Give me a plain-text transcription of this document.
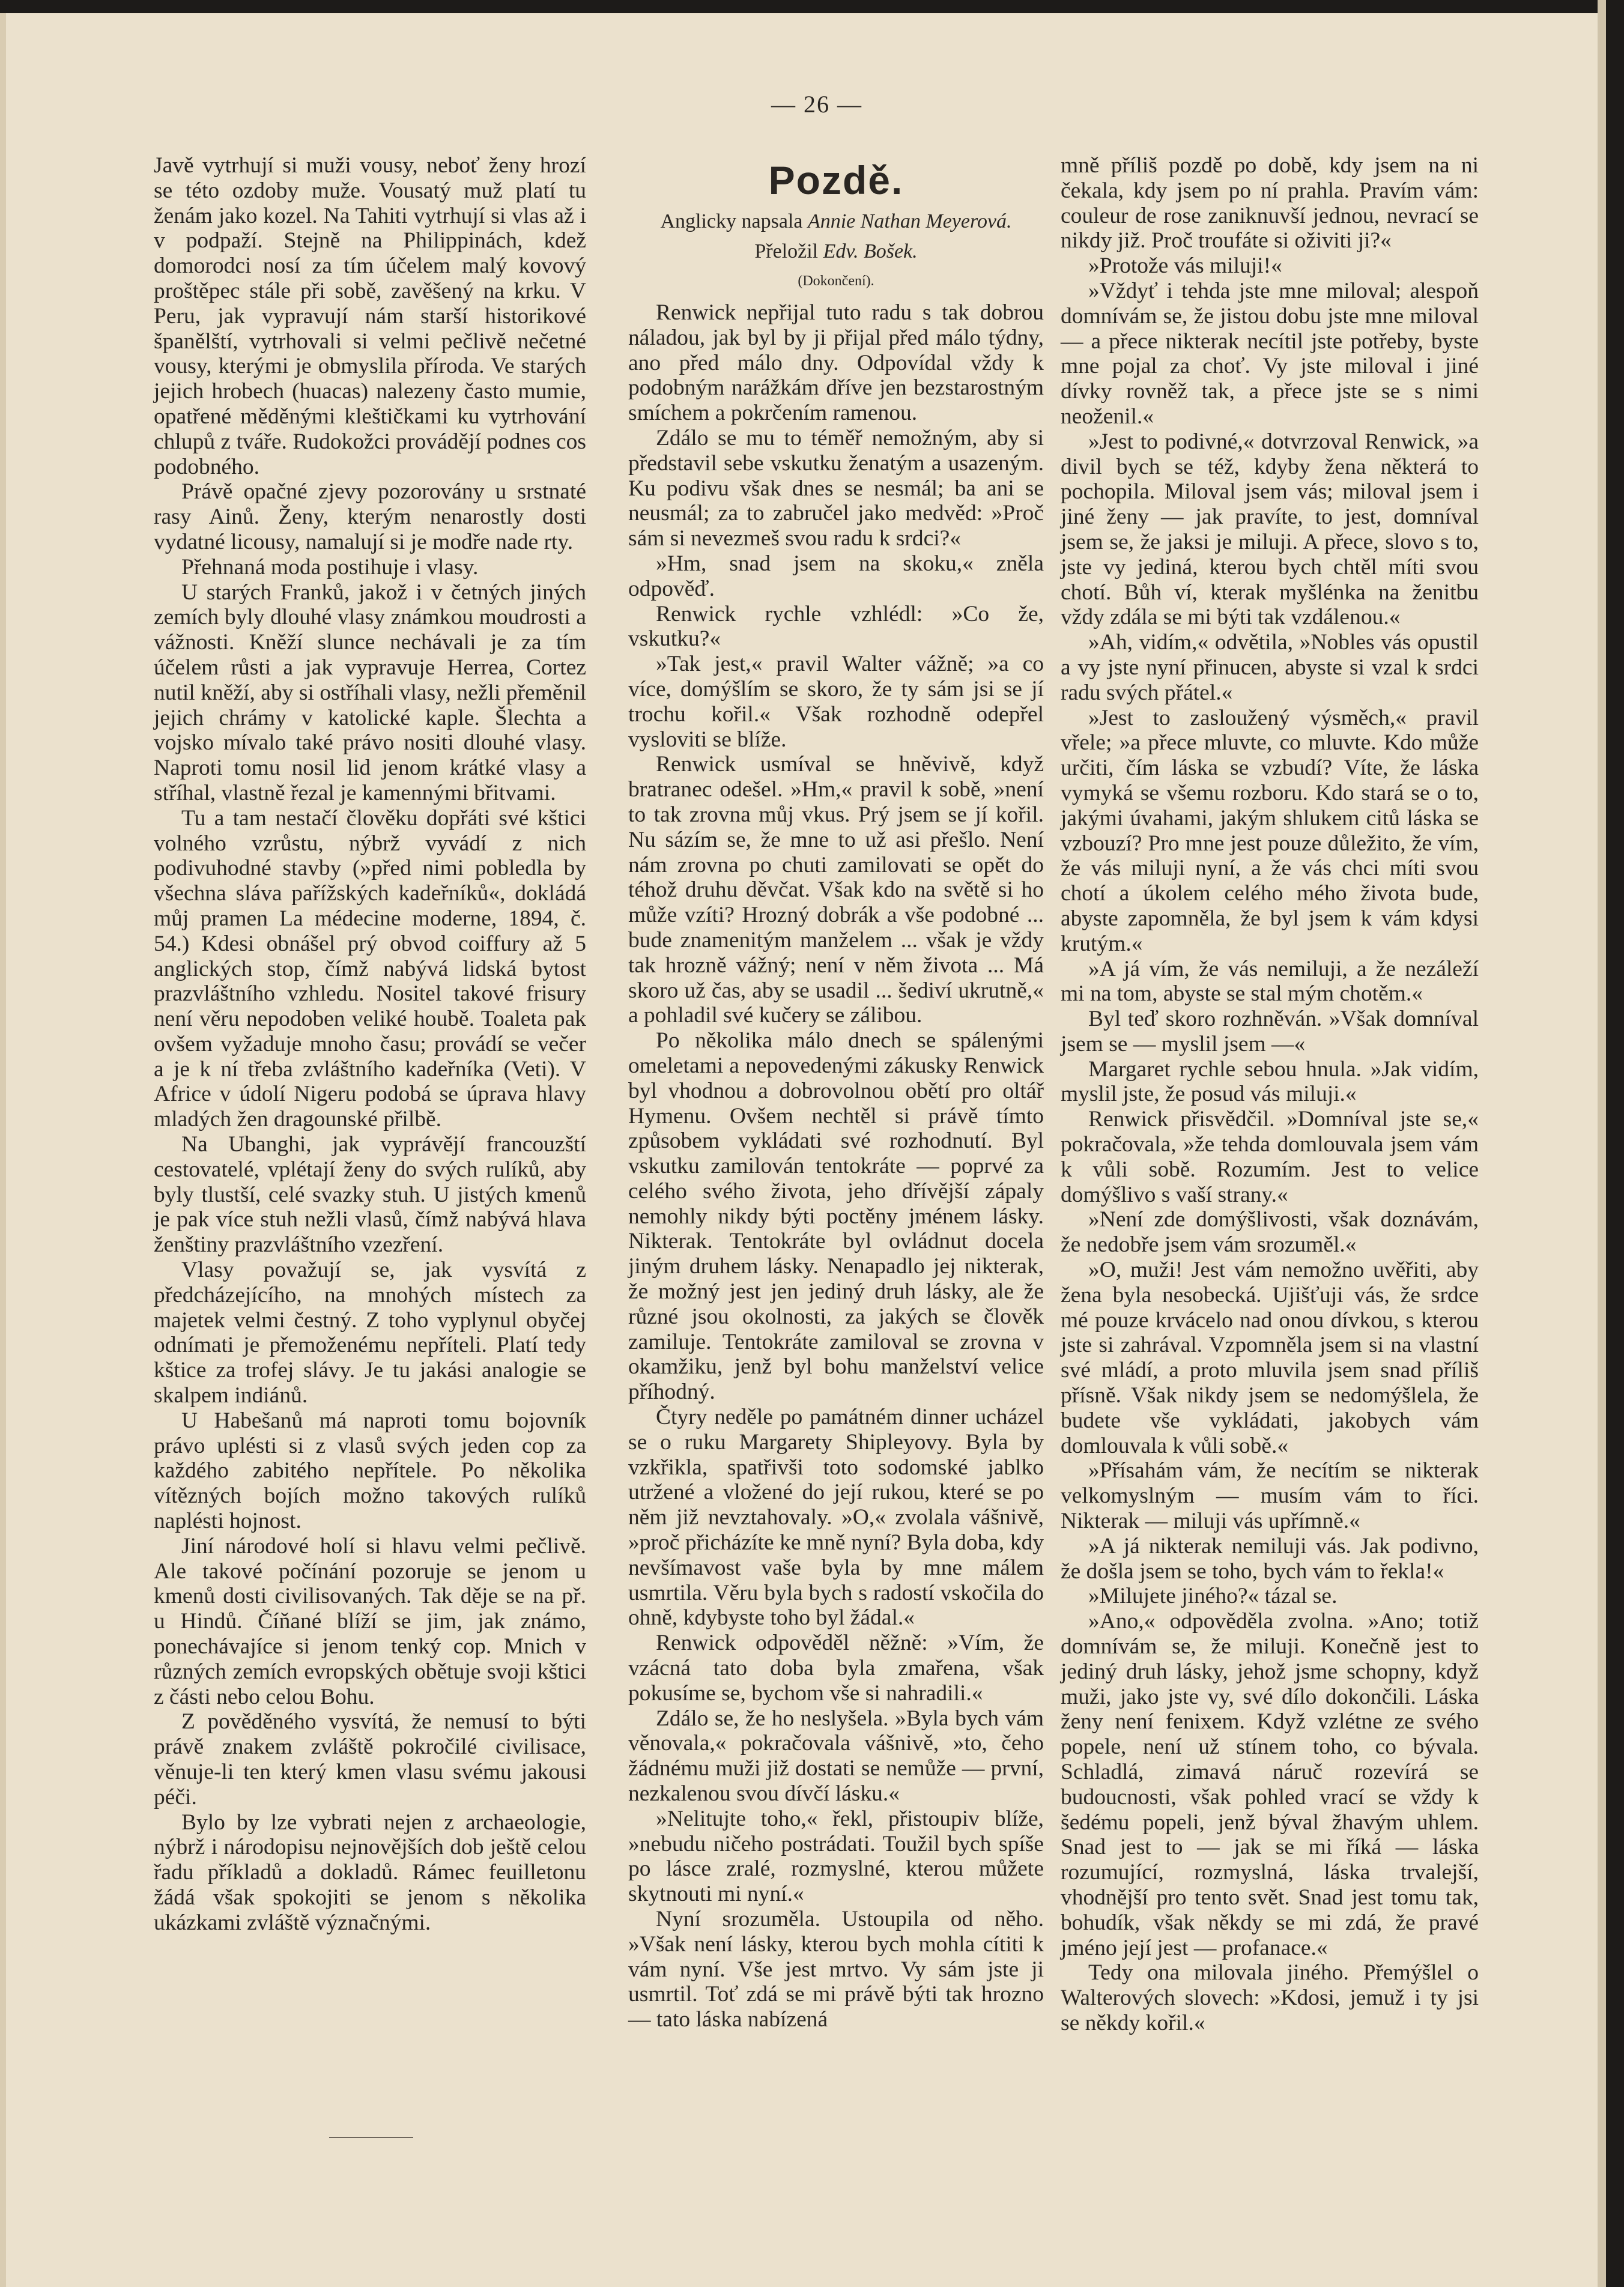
— 26 —

Javě vytrhují si muži vousy, neboť ženy hrozí se této ozdoby muže. Vousatý muž platí tu ženám jako kozel. Na Tahiti vytrhují si vlas až i v podpaží. Stejně na Philippinách, kdež domorodci nosí za tím účelem malý kovový proštěpec stále při sobě, zavěšený na krku. V Peru, jak vypravují nám starší historikové španělští, vytrhovali si velmi pečlivě nečetné vousy, kterými je obmyslila příroda. Ve starých jejich hrobech (huacas) nalezeny často mumie, opatřené měděnými kleštičkami ku vytrhování chlupů z tváře. Rudokožci provádějí podnes cos podobného.

Právě opačné zjevy pozorovány u srstnaté rasy Ainů. Ženy, kterým nenarostly dosti vydatné licousy, namalují si je modře nade rty.

Přehnaná moda postihuje i vlasy.

U starých Franků, jakož i v četných jiných zemích byly dlouhé vlasy známkou moudrosti a vážnosti. Kněží slunce nechávali je za tím účelem růsti a jak vypravuje Herrea, Cortez nutil kněží, aby si ostříhali vlasy, nežli přeměnil jejich chrámy v katolické kaple. Šlechta a vojsko mívalo také právo nositi dlouhé vlasy. Naproti tomu nosil lid jenom krátké vlasy a stříhal, vlastně řezal je kamennými břitvami.

Tu a tam nestačí člověku dopřáti své kštici volného vzrůstu, nýbrž vyvádí z nich podivuhodné stavby (»před nimi pobledla by všechna sláva pařížských kadeřníků«, dokládá můj pramen La médecine moderne, 1894, č. 54.) Kdesi obnášel prý obvod coiffury až 5 anglických stop, čímž nabývá lidská bytost prazvláštního vzhledu. Nositel takové frisury není věru nepodoben veliké houbě. Toaleta pak ovšem vyžaduje mnoho času; provádí se večer a je k ní třeba zvláštního kadeřníka (Veti). V Africe v údolí Nigeru podobá se úprava hlavy mladých žen dragounské přilbě.

Na Ubanghi, jak vyprávějí francouzští cestovatelé, vplétají ženy do svých rulíků, aby byly tlustší, celé svazky stuh. U jistých kmenů je pak více stuh nežli vlasů, čímž nabývá hlava ženštiny prazvláštního vzezření.

Vlasy považují se, jak vysvítá z předcházejícího, na mnohých místech za majetek velmi čestný. Z toho vyplynul obyčej odnímati je přemoženému nepříteli. Platí tedy kštice za trofej slávy. Je tu jakási analogie se skalpem indiánů.

U Habešanů má naproti tomu bojovník právo uplésti si z vlasů svých jeden cop za každého zabitého nepřítele. Po několika vítězných bojích možno takových rulíků naplésti hojnost.

Jiní národové holí si hlavu velmi pečlivě. Ale takové počínání pozoruje se jenom u kmenů dosti civilisovaných. Tak děje se na př. u Hindů. Číňané blíží se jim, jak známo, ponechávajíce si jenom tenký cop. Mnich v různých zemích evropských obětuje svoji kštici z části nebo celou Bohu.

Z pověděného vysvítá, že nemusí to býti právě znakem zvláště pokročilé civilisace, věnuje-li ten který kmen vlasu svému jakousi péči.

Bylo by lze vybrati nejen z archaeologie, nýbrž i národopisu nejnovějších dob ještě celou řadu příkladů a dokladů. Rámec feuilletonu žádá však spokojiti se jenom s několika ukázkami zvláště význačnými.

Pozdě.
Anglicky napsala Annie Nathan Meyerová.
Přeložil Edv. Bošek.
(Dokončení).

Renwick nepřijal tuto radu s tak dobrou náladou, jak byl by ji přijal před málo týdny, ano před málo dny. Odpovídal vždy k podobným narážkám dříve jen bezstarostným smíchem a pokrčením ramenou.

Zdálo se mu to téměř nemožným, aby si představil sebe vskutku ženatým a usazeným. Ku podivu však dnes se nesmál; ba ani se neusmál; za to zabručel jako medvěd: »Proč sám si nevezmeš svou radu k srdci?«

»Hm, snad jsem na skoku,« zněla odpověď.

Renwick rychle vzhlédl: »Co že, vskutku?«

»Tak jest,« pravil Walter vážně; »a co více, domýšlím se skoro, že ty sám jsi se jí trochu kořil.« Však rozhodně odepřel vysloviti se blíže.

Renwick usmíval se hněvivě, když bratranec odešel. »Hm,« pravil k sobě, »není to tak zrovna můj vkus. Prý jsem se jí kořil. Nu sázím se, že mne to už asi přešlo. Není nám zrovna po chuti zamilovati se opět do téhož druhu děvčat. Však kdo na světě si ho může vzíti? Hrozný dobrák a vše podobné ... bude znamenitým manželem ... však je vždy tak hrozně vážný; není v něm života ... Má skoro už čas, aby se usadil ... šediví ukrutně,« a pohladil své kučery se zálibou.

Po několika málo dnech se spálenými omeletami a nepovedenými zákusky Renwick byl vhodnou a dobrovolnou obětí pro oltář Hymenu. Ovšem nechtěl si právě tímto způsobem vykládati své rozhodnutí. Byl vskutku zamilován tentokráte — poprvé za celého svého života, jeho dřívější zápaly nemohly nikdy býti poctěny jménem lásky. Nikterak. Tentokráte byl ovládnut docela jiným druhem lásky. Nenapadlo jej nikterak, že možný jest jen jediný druh lásky, ale že různé jsou okolnosti, za jakých se člověk zamiluje. Tentokráte zamiloval se zrovna v okamžiku, jenž byl bohu manželství velice příhodný.

Čtyry neděle po památném dinner ucházel se o ruku Margarety Shipleyovy. Byla by vzkřikla, spatřivši toto sodomské jablko utržené a vložené do její rukou, které se po něm již nevztahovaly. »O,« zvolala vášnivě, »proč přicházíte ke mně nyní? Byla doba, kdy nevšímavost vaše byla by mne málem usmrtila. Věru byla bych s radostí vskočila do ohně, kdybyste toho byl žádal.«

Renwick odpověděl něžně: »Vím, že vzácná tato doba byla zmařena, však pokusíme se, bychom vše si nahradili.«

Zdálo se, že ho neslyšela. »Byla bych vám věnovala,« pokračovala vášnivě, »to, čeho žádnému muži již dostati se nemůže — první, nezkalenou svou dívčí lásku.«

»Nelitujte toho,« řekl, přistoupiv blíže, »nebudu ničeho postrádati. Toužil bych spíše po lásce zralé, rozmyslné, kterou můžete skytnouti mi nyní.«

Nyní srozuměla. Ustoupila od něho. »Však není lásky, kterou bych mohla cítiti k vám nyní. Vše jest mrtvo. Vy sám jste ji usmrtil. Toť zdá se mi právě býti tak hrozno — tato láska nabízená

mně příliš pozdě po době, kdy jsem na ni čekala, kdy jsem po ní prahla. Pravím vám: couleur de rose zaniknuvší jednou, nevrací se nikdy již. Proč troufáte si oživiti ji?«

»Protože vás miluji!«

»Vždyť i tehda jste mne miloval; alespoň domnívám se, že jistou dobu jste mne miloval — a přece nikterak necítil jste potřeby, byste mne pojal za choť. Vy jste miloval i jiné dívky rovněž tak, a přece jste se s nimi neoženil.«

»Jest to podivné,« dotvrzoval Renwick, »a divil bych se též, kdyby žena některá to pochopila. Miloval jsem vás; miloval jsem i jiné ženy — jak pravíte, to jest, domníval jsem se, že jaksi je miluji. A přece, slovo s to, jste vy jediná, kterou bych chtěl míti svou chotí. Bůh ví, kterak myšlénka na ženitbu vždy zdála se mi býti tak vzdálenou.«

»Ah, vidím,« odvětila, »Nobles vás opustil a vy jste nyní přinucen, abyste si vzal k srdci radu svých přátel.«

»Jest to zasloužený výsměch,« pravil vřele; »a přece mluvte, co mluvte. Kdo může určiti, čím láska se vzbudí? Víte, že láska vymyká se všemu rozboru. Kdo stará se o to, jakými úvahami, jakým shlukem citů láska se vzbouzí? Pro mne jest pouze důležito, že vím, že vás miluji nyní, a že vás chci míti svou chotí a úkolem celého mého života bude, abyste zapomněla, že byl jsem k vám kdysi krutým.«

»A já vím, že vás nemiluji, a že nezáleží mi na tom, abyste se stal mým chotěm.«

Byl teď skoro rozhněván. »Však domníval jsem se — myslil jsem —«

Margaret rychle sebou hnula. »Jak vidím, myslil jste, že posud vás miluji.«

Renwick přisvědčil. »Domníval jste se,« pokračovala, »že tehda domlouvala jsem vám k vůli sobě. Rozumím. Jest to velice domýšlivo s vaší strany.«

»Není zde domýšlivosti, však doznávám, že nedobře jsem vám srozuměl.«

»O, muži! Jest vám nemožno uvěřiti, aby žena byla nesobecká. Ujišťuji vás, že srdce mé pouze krvácelo nad onou dívkou, s kterou jste si zahrával. Vzpomněla jsem si na vlastní své mládí, a proto mluvila jsem snad příliš přísně. Však nikdy jsem se nedomýšlela, že budete vše vykládati, jakobych vám domlouvala k vůli sobě.«

»Přísahám vám, že necítím se nikterak velkomyslným — musím vám to říci. Nikterak — miluji vás upřímně.«

»A já nikterak nemiluji vás. Jak podivno, že došla jsem se toho, bych vám to řekla!«

»Milujete jiného?« tázal se.

»Ano,« odpověděla zvolna. »Ano; totiž domnívám se, že miluji. Konečně jest to jediný druh lásky, jehož jsme schopny, když muži, jako jste vy, své dílo dokončili. Láska ženy není fenixem. Když vzlétne ze svého popele, není už stínem toho, co bývala. Schladlá, zimavá náruč rozevírá se budoucnosti, však pohled vrací se vždy k šedému popeli, jenž býval žhavým uhlem. Snad jest to — jak se mi říká — láska rozumující, rozmyslná, láska trvalejší, vhodnější pro tento svět. Snad jest tomu tak, bohudík, však někdy se mi zdá, že pravé jméno její jest — profanace.«

Tedy ona milovala jiného. Přemýšlel o Walterových slovech: »Kdosi, jemuž i ty jsi se někdy kořil.«
